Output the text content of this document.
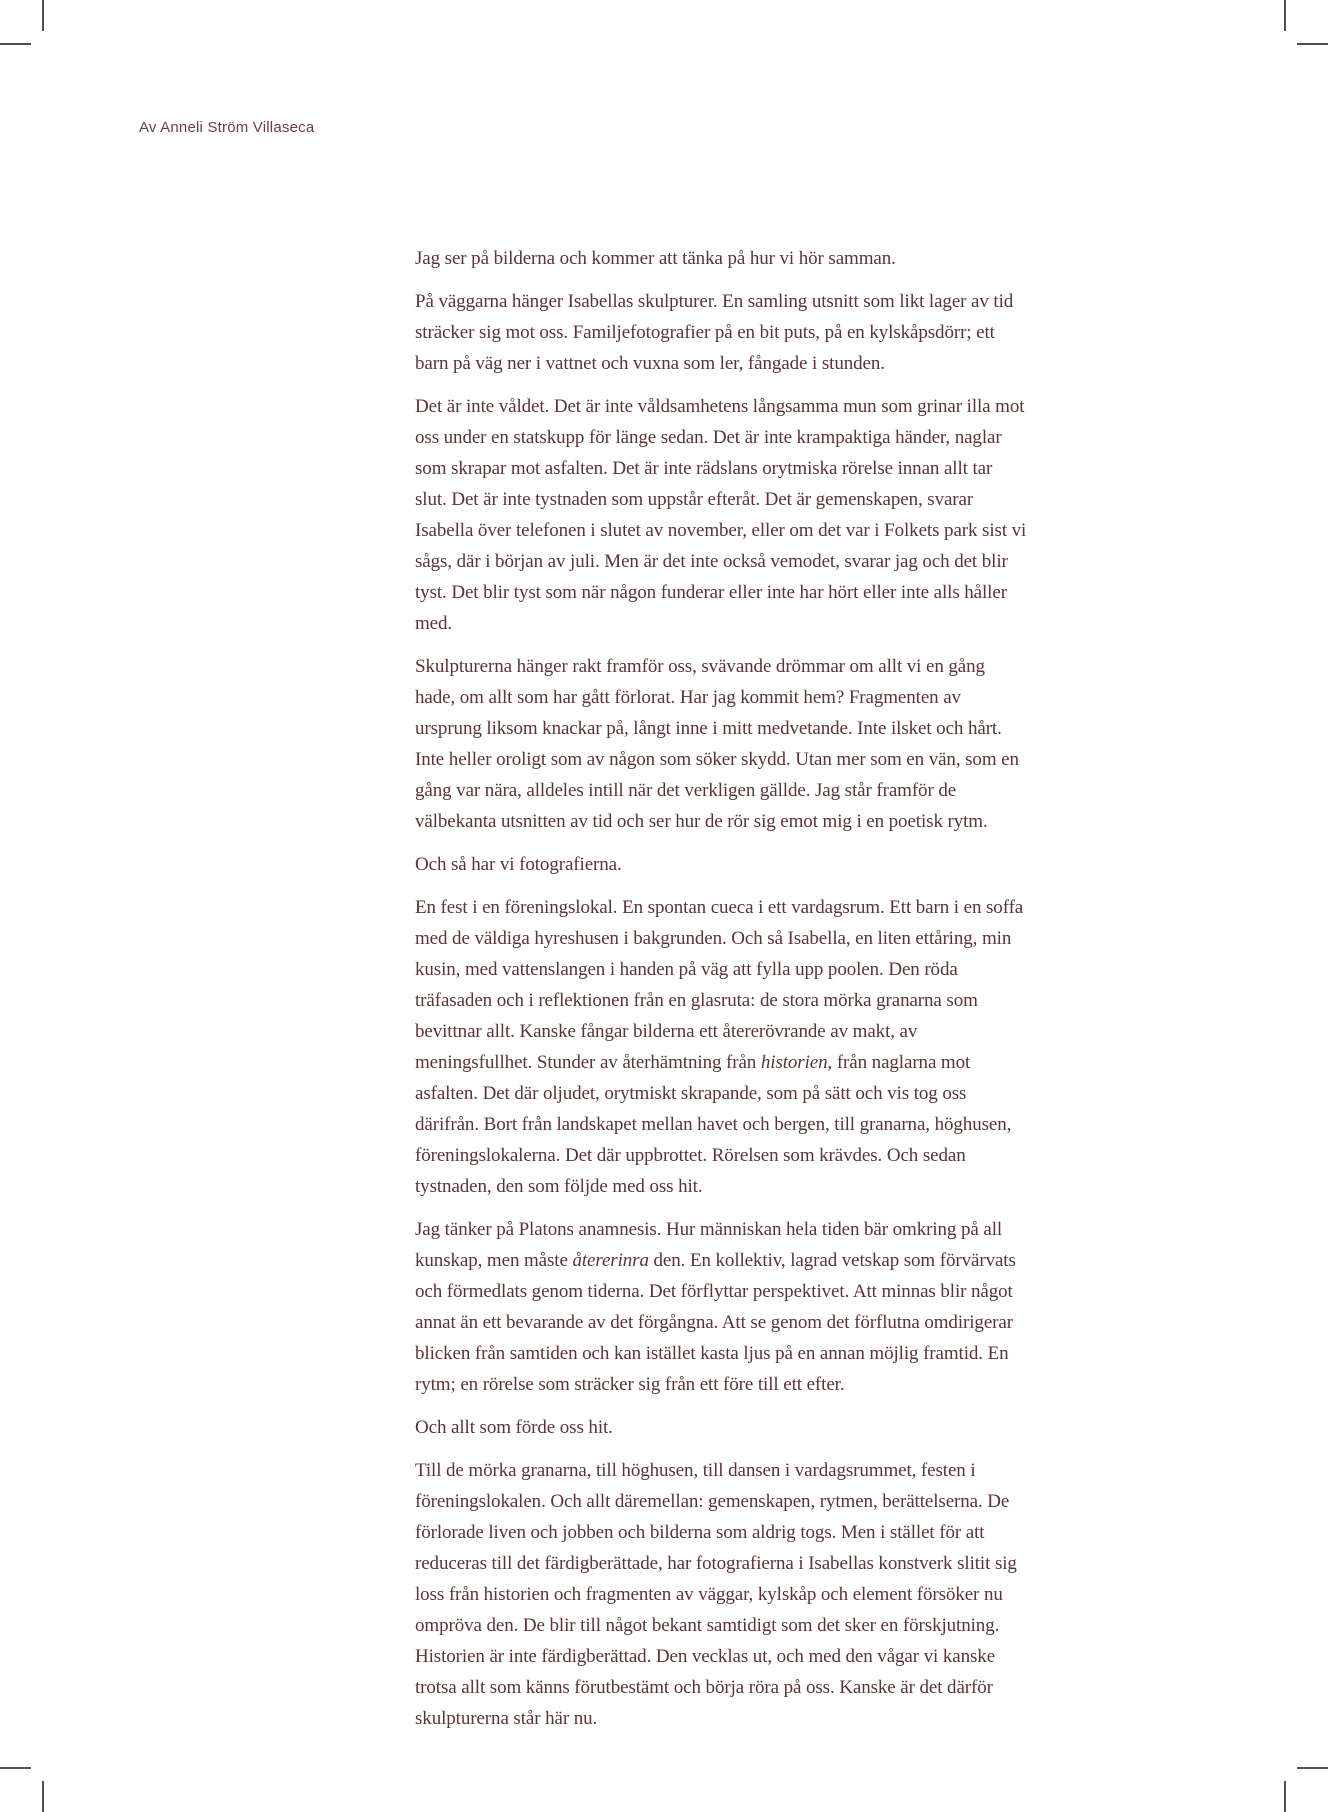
Av Anneli Ström Villaseca

Jag ser på bilderna och kommer att tänka på hur vi hör samman.

På väggarna hänger Isabellas skulpturer. En samling utsnitt som likt lager av tid sträcker sig mot oss. Familjefotografier på en bit puts, på en kylskåpsdörr; ett barn på väg ner i vattnet och vuxna som ler, fångade i stunden.

Det är inte våldet. Det är inte våldsamhetens långsamma mun som grinar illa mot oss under en statskupp för länge sedan. Det är inte krampaktiga händer, naglar som skrapar mot asfalten. Det är inte rädslans orytmiska rörelse innan allt tar slut. Det är inte tystnaden som uppstår efteråt. Det är gemenskapen, svarar Isabella över telefonen i slutet av november, eller om det var i Folkets park sist vi sågs, där i början av juli. Men är det inte också vemodet, svarar jag och det blir tyst. Det blir tyst som när någon funderar eller inte har hört eller inte alls håller med.

Skulpturerna hänger rakt framför oss, svävande drömmar om allt vi en gång hade, om allt som har gått förlorat. Har jag kommit hem? Fragmenten av ursprung liksom knackar på, långt inne i mitt medvetande. Inte ilsket och hårt. Inte heller oroligt som av någon som söker skydd. Utan mer som en vän, som en gång var nära, alldeles intill när det verkligen gällde. Jag står framför de välbekanta utsnitten av tid och ser hur de rör sig emot mig i en poetisk rytm.

Och så har vi fotografierna.

En fest i en föreningslokal. En spontan cueca i ett vardagsrum. Ett barn i en soffa med de väldiga hyreshusen i bakgrunden. Och så Isabella, en liten ettåring, min kusin, med vattenslangen i handen på väg att fylla upp poolen. Den röda träfasaden och i reflektionen från en glasruta: de stora mörka granarna som bevittnar allt. Kanske fångar bilderna ett återerövrande av makt, av meningsfullhet. Stunder av återhämtning från historien, från naglarna mot asfalten. Det där oljudet, orytmiskt skrapande, som på sätt och vis tog oss därifrån. Bort från landskapet mellan havet och bergen, till granarna, höghusen, föreningslokalerna. Det där uppbrottet. Rörelsen som krävdes. Och sedan tystnaden, den som följde med oss hit.

Jag tänker på Platons anamnesis. Hur människan hela tiden bär omkring på all kunskap, men måste återerinra den. En kollektiv, lagrad vetskap som förvärvats och förmedlats genom tiderna. Det förflyttar perspektivet. Att minnas blir något annat än ett bevarande av det förgångna. Att se genom det förflutna omdirigerar blicken från samtiden och kan istället kasta ljus på en annan möjlig framtid. En rytm; en rörelse som sträcker sig från ett före till ett efter.

Och allt som förde oss hit.

Till de mörka granarna, till höghusen, till dansen i vardagsrummet, festen i föreningslokalen. Och allt däremellan: gemenskapen, rytmen, berättelserna. De förlorade liven och jobben och bilderna som aldrig togs. Men i stället för att reduceras till det färdigberättade, har fotografierna i Isabellas konstverk slitit sig loss från historien och fragmenten av väggar, kylskåp och element försöker nu ompröva den. De blir till något bekant samtidigt som det sker en förskjutning. Historien är inte färdigberättad. Den vecklas ut, och med den vågar vi kanske trotsa allt som känns förutbestämt och börja röra på oss. Kanske är det därför skulpturerna står här nu.
